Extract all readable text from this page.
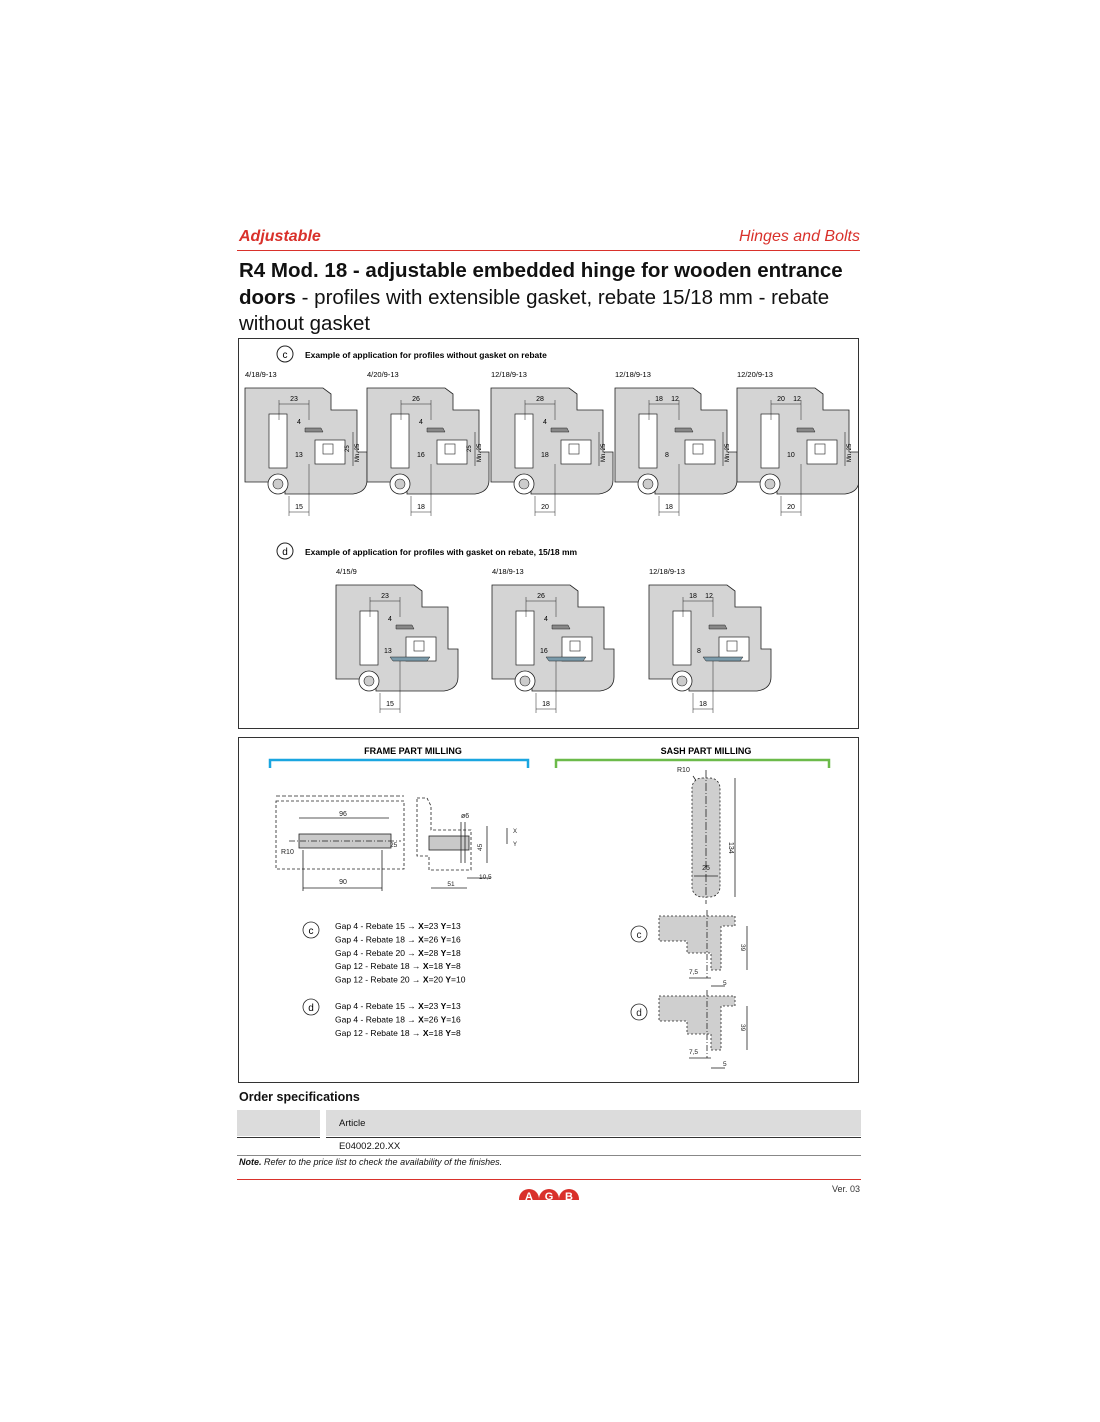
Adjustable	Hinges and Bolts
R4 Mod. 18 - adjustable embedded hinge for wooden entrance doors - profiles with extensible gasket, rebate 15/18 mm - rebate without gasket
c Example of application for profiles without gasket on rebate
4/18/9-13
23
4
13
25 Mn. 25
15
4/20/9-13
26
4
16
25 Mn. 25
18
12/18/9-13
28
4
18	Mn. 25
20
12/18/9-13
18 12
8	Mn. 25
18
12/20/9-13
20 12
10	Mn. 25
20
d Example of application for profiles with gasket on rebate, 15/18 mm
4/15/9
23
4
13
15
4/18/9-13
26
4
16
18
12/18/9-13
18 12
8
18
FRAME PART MILLING	SASH PART MILLING
96
90
R10
25
ø6
45
X
Y
51
10,5
R10
25
134
c
39
7,5
5
d
39
7,5
5
c	Gap 4 - Rebate 15 → X=23 Y=13
Gap 4 - Rebate 18 → X=26 Y=16
Gap 4 - Rebate 20 → X=28 Y=18
Gap 12 - Rebate 18 → X=18 Y=8
Gap 12 - Rebate 20 → X=20 Y=10
d Gap 4 - Rebate 15 → X=23 Y=13
Gap 4 - Rebate 18 → X=26 Y=16
Gap 12 - Rebate 18 → X=18 Y=8
Order specifications
Article
E04002.20.XX
Note. Refer to the price list to check the availability of the finishes.
A G B
Ver. 03
